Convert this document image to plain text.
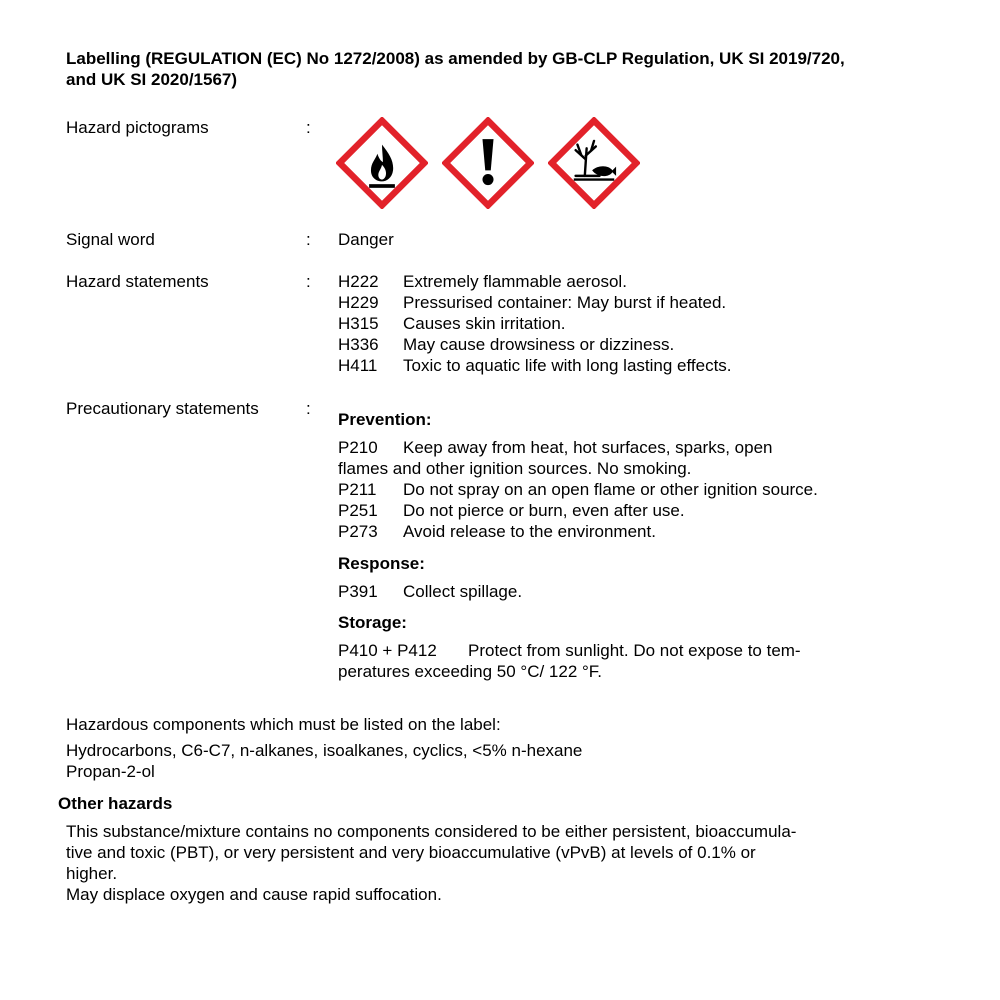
Labelling (REGULATION (EC) No 1272/2008) as amended by GB-CLP Regulation, UK SI 2019/720, and UK SI 2020/1567)
Hazard pictograms	:
Signal word	: Danger
Hazard statements	: H222 Extremely flammable aerosol.
H229 Pressurised container: May burst if heated.
H315 Causes skin irritation.
H336 May cause drowsiness or dizziness.
H411 Toxic to aquatic life with long lasting effects.
Precautionary statements	:
Prevention:
P210 Keep away from heat, hot surfaces, sparks, open
flames and other ignition sources. No smoking.
P211 Do not spray on an open flame or other ignition source.
P251 Do not pierce or burn, even after use.
P273 Avoid release to the environment.
Response:
P391 Collect spillage.
Storage:
P410 + P412 Protect from sunlight. Do not expose to tem-
peratures exceeding 50 °C/ 122 °F.
Hazardous components which must be listed on the label:
Hydrocarbons, C6-C7, n-alkanes, isoalkanes, cyclics, <5% n-hexane
Propan-2-ol
Other hazards
This substance/mixture contains no components considered to be either persistent, bioaccumula-
tive and toxic (PBT), or very persistent and very bioaccumulative (vPvB) at levels of 0.1% or
higher.
May displace oxygen and cause rapid suffocation.
